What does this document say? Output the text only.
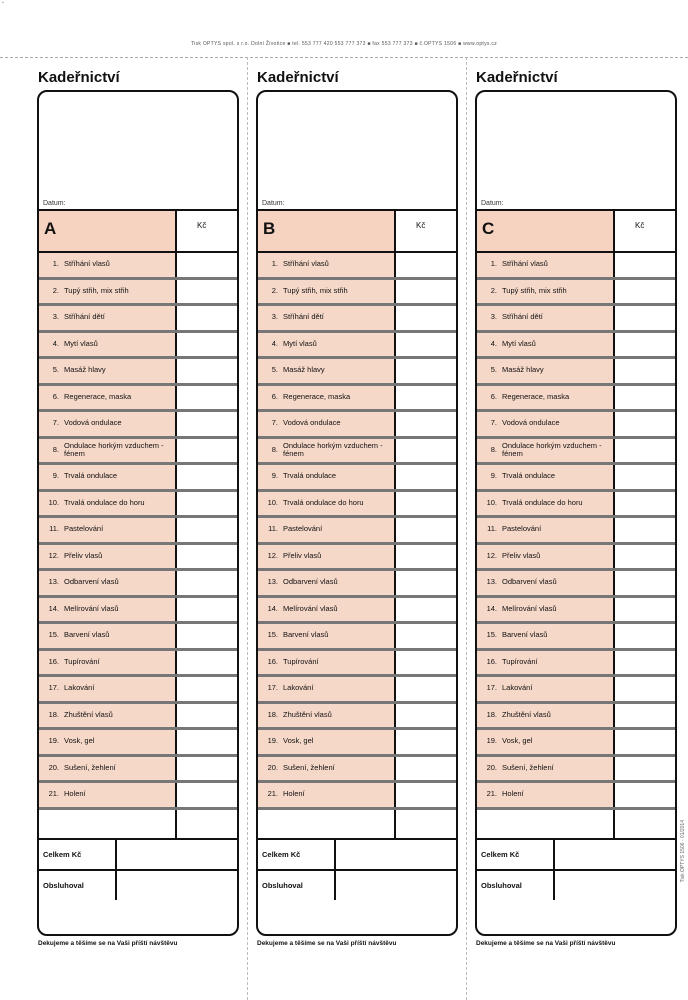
▪
Tisk OPTYS spol. s r.o. Dolní Životice ■ tel. 553 777 420 553 777 373 ■ fax 553 777 373 ■ č.OPTYS 1506 ■ www.optys.cz
Tisk OPTYS 1506 - 01/2014
Kadeřnictví
Datum:
A	Kč
1. Stříhání vlasů
2. Tupý střih, mix střih
3. Stříhání dětí
4. Mytí vlasů
5. Masáž hlavy
6. Regenerace, maska
7. Vodová ondulace
8. Ondulace horkým vzduchem - fénem
9. Trvalá ondulace
10. Trvalá ondulace do horu
11. Pastelování
12. Přeliv vlasů
13. Odbarvení vlasů
14. Melírování vlasů
15. Barvení vlasů
16. Tupírování
17. Lakování
18. Zhuštění vlasů
19. Vosk, gel
20. Sušení, žehlení
21. Holení
Celkem Kč
Obsluhoval
Dekujeme a těšíme se na Vaši příští návštěvu
Kadeřnictví
Datum:
B	Kč
1. Stříhání vlasů
2. Tupý střih, mix střih
3. Stříhání dětí
4. Mytí vlasů
5. Masáž hlavy
6. Regenerace, maska
7. Vodová ondulace
8. Ondulace horkým vzduchem - fénem
9. Trvalá ondulace
10. Trvalá ondulace do horu
11. Pastelování
12. Přeliv vlasů
13. Odbarvení vlasů
14. Melírování vlasů
15. Barvení vlasů
16. Tupírování
17. Lakování
18. Zhuštění vlasů
19. Vosk, gel
20. Sušení, žehlení
21. Holení
Celkem Kč
Obsluhoval
Dekujeme a těšíme se na Vaši příští návštěvu
Kadeřnictví
Datum:
C	Kč
1. Stříhání vlasů
2. Tupý střih, mix střih
3. Stříhání dětí
4. Mytí vlasů
5. Masáž hlavy
6. Regenerace, maska
7. Vodová ondulace
8. Ondulace horkým vzduchem - fénem
9. Trvalá ondulace
10. Trvalá ondulace do horu
11. Pastelování
12. Přeliv vlasů
13. Odbarvení vlasů
14. Melírování vlasů
15. Barvení vlasů
16. Tupírování
17. Lakování
18. Zhuštění vlasů
19. Vosk, gel
20. Sušení, žehlení
21. Holení
Celkem Kč
Obsluhoval
Dekujeme a těšíme se na Vaši příští návštěvu
